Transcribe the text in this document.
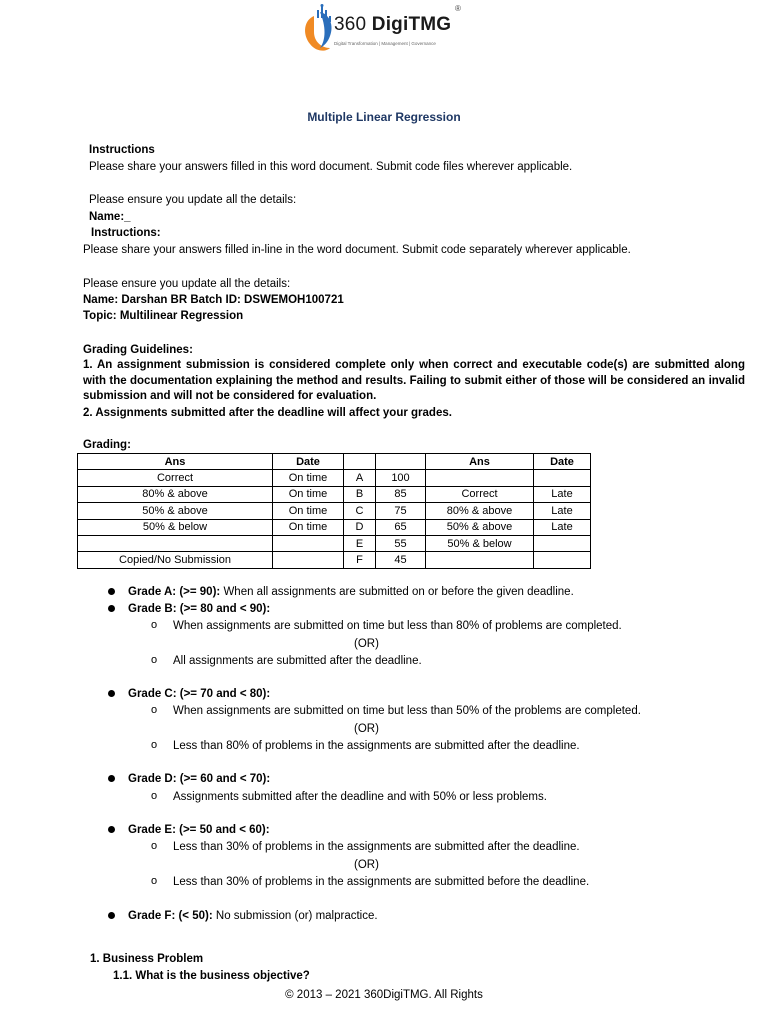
360 DigiTMG
Digital Transformation | Management | Governance
®
Multiple Linear Regression
Instructions
Please share your answers filled in this word document. Submit code files wherever applicable.
Please ensure you update all the details:
Name:_
Instructions:
Please share your answers filled in-line in the word document. Submit code separately wherever applicable.
Please ensure you update all the details:
Name: Darshan BR Batch ID: DSWEMOH100721
Topic: Multilinear Regression
Grading Guidelines:
1. An assignment submission is considered complete only when correct and executable code(s) are submitted along with the documentation explaining the method and results. Failing to submit either of those will be considered an invalid submission and will not be considered for evaluation.
2. Assignments submitted after the deadline will affect your grades.
Grading:
Ans	Date			Ans	Date
Correct	On time	A	100		
80% & above	On time	B	85	Correct	Late
50% & above	On time	C	75	80% & above	Late
50% & below	On time	D	65	50% & above	Late
		E	55	50% & below	
Copied/No Submission		F	45		
Grade A: (>= 90): When all assignments are submitted on or before the given deadline.
Grade B: (>= 80 and < 90):
o When assignments are submitted on time but less than 80% of problems are completed.
(OR)
o All assignments are submitted after the deadline.
Grade C: (>= 70 and < 80):
o When assignments are submitted on time but less than 50% of the problems are completed.
(OR)
o Less than 80% of problems in the assignments are submitted after the deadline.
Grade D: (>= 60 and < 70):
o Assignments submitted after the deadline and with 50% or less problems.
Grade E: (>= 50 and < 60):
o Less than 30% of problems in the assignments are submitted after the deadline.
(OR)
o Less than 30% of problems in the assignments are submitted before the deadline.
Grade F: (< 50): No submission (or) malpractice.
1. Business Problem
1.1. What is the business objective?
© 2013 – 2021 360DigiTMG. All Rights
